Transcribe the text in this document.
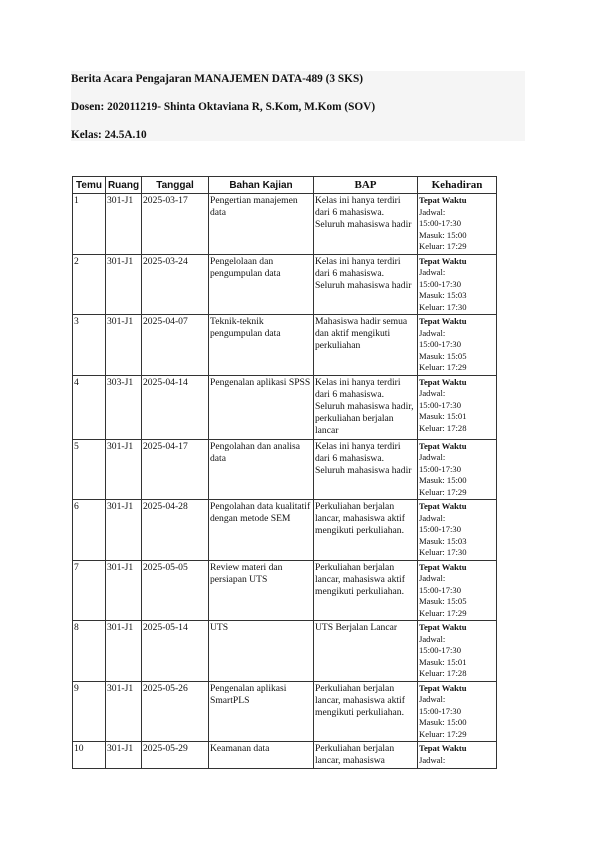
Berita Acara Pengajaran MANAJEMEN DATA-489 (3 SKS)
Dosen: 202011219- Shinta Oktaviana R, S.Kom, M.Kom (SOV)
Kelas: 24.5A.10
Temu	Ruang	Tanggal	Bahan Kajian	BAP	Kehadiran
1	301-J1	2025-03-17	Pengertian manajemen data	Kelas ini hanya terdiri dari 6 mahasiswa. Seluruh mahasiswa hadir	Tepat Waktu
Jadwal:
15:00-17:30
Masuk: 15:00
Keluar: 17:29

2	301-J1	2025-03-24	Pengelolaan dan pengumpulan data	Kelas ini hanya terdiri dari 6 mahasiswa. Seluruh mahasiswa hadir	Tepat Waktu
Jadwal:
15:00-17:30
Masuk: 15:03
Keluar: 17:30

3	301-J1	2025-04-07	Teknik-teknik pengumpulan data	Mahasiswa hadir semua dan aktif mengikuti perkuliahan	Tepat Waktu
Jadwal:
15:00-17:30
Masuk: 15:05
Keluar: 17:29

4	303-J1	2025-04-14	Pengenalan aplikasi SPSS	Kelas ini hanya terdiri dari 6 mahasiswa. Seluruh mahasiswa hadir, perkuliahan berjalan lancar	Tepat Waktu
Jadwal:
15:00-17:30
Masuk: 15:01
Keluar: 17:28

5	301-J1	2025-04-17	Pengolahan dan analisa data	Kelas ini hanya terdiri dari 6 mahasiswa. Seluruh mahasiswa hadir	Tepat Waktu
Jadwal:
15:00-17:30
Masuk: 15:00
Keluar: 17:29

6	301-J1	2025-04-28	Pengolahan data kualitatif dengan metode SEM	Perkuliahan berjalan lancar, mahasiswa aktif mengikuti perkuliahan.	Tepat Waktu
Jadwal:
15:00-17:30
Masuk: 15:03
Keluar: 17:30

7	301-J1	2025-05-05	Review materi dan persiapan UTS	Perkuliahan berjalan lancar, mahasiswa aktif mengikuti perkuliahan.	Tepat Waktu
Jadwal:
15:00-17:30
Masuk: 15:05
Keluar: 17:29

8	301-J1	2025-05-14	UTS	UTS Berjalan Lancar	Tepat Waktu
Jadwal:
15:00-17:30
Masuk: 15:01
Keluar: 17:28

9	301-J1	2025-05-26	Pengenalan aplikasi SmartPLS	Perkuliahan berjalan lancar, mahasiswa aktif mengikuti perkuliahan.	Tepat Waktu
Jadwal:
15:00-17:30
Masuk: 15:00
Keluar: 17:29

10	301-J1	2025-05-29	Keamanan data	Perkuliahan berjalan lancar, mahasiswa	Tepat Waktu
Jadwal:
